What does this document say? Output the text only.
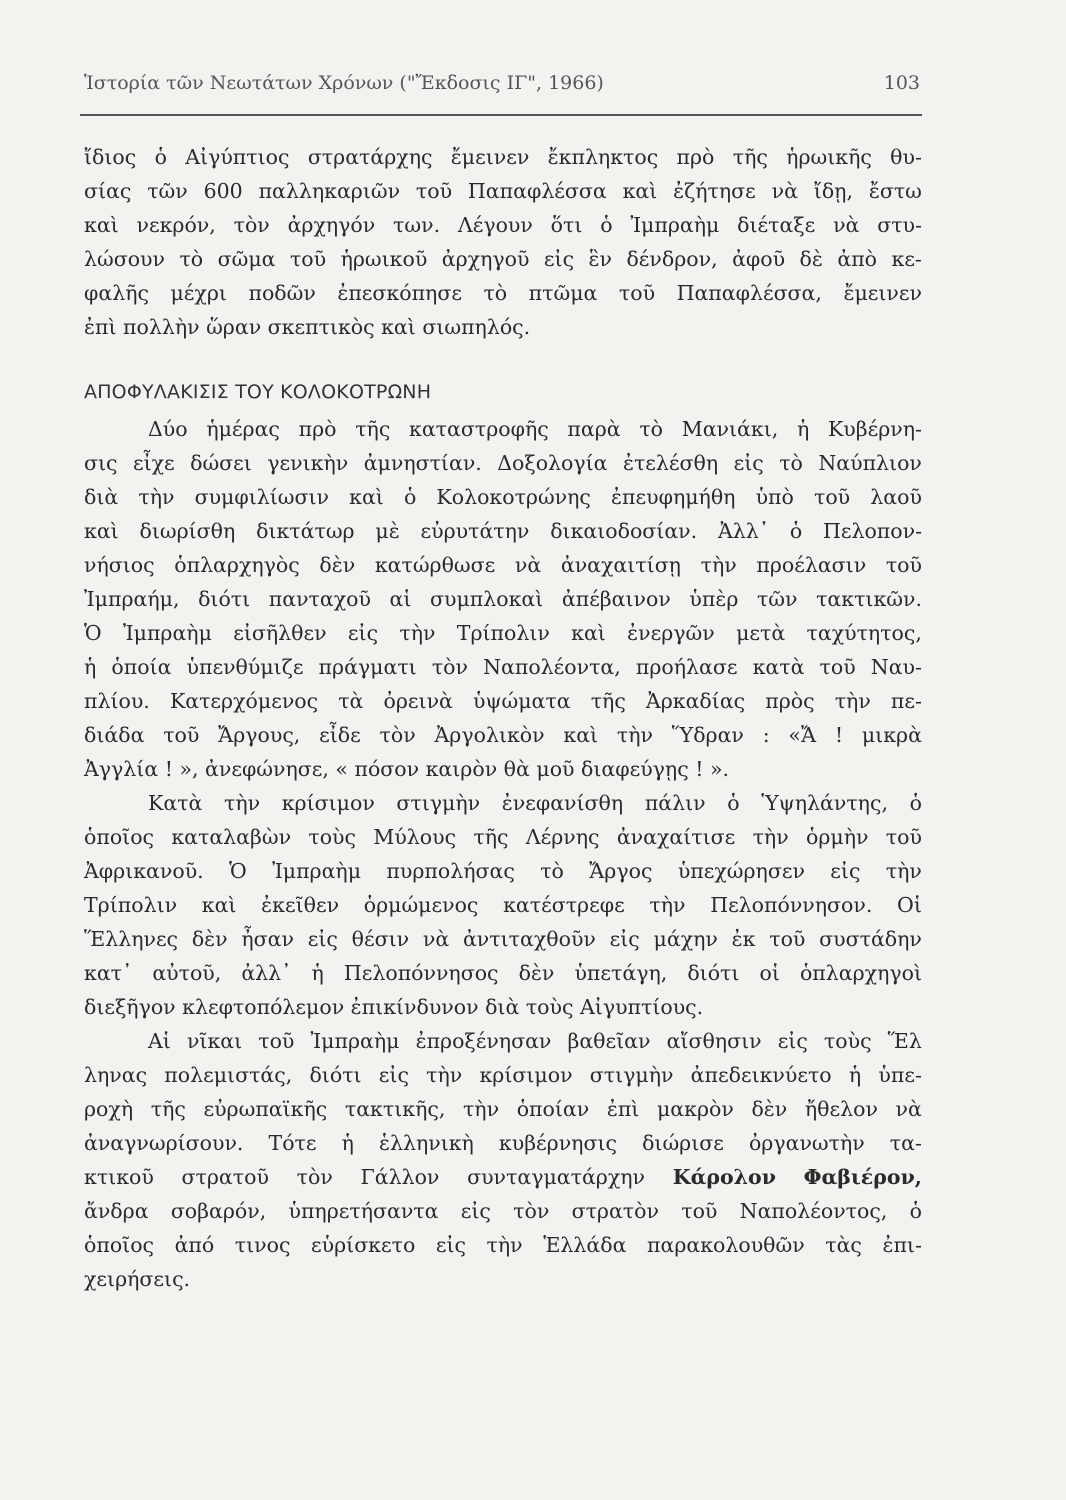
Ἱστορία τῶν Νεωτάτων Χρόνων ("Ἔκδοσις ΙΓ", 1966)	103
ἴδιος ὁ Αἰγύπτιος στρατάρχης ἔμεινεν ἔκπληκτος πρὸ τῆς ἡρωικῆς θυ-
σίας τῶν 600 παλληκαριῶν τοῦ Παπαφλέσσα καὶ ἐζήτησε νὰ ἴδῃ, ἔστω
καὶ νεκρόν, τὸν ἀρχηγόν των. Λέγουν ὅτι ὁ Ἰμπραὴμ διέταξε νὰ στυ-
λώσουν τὸ σῶμα τοῦ ἡρωικοῦ ἀρχηγοῦ εἰς ἓν δένδρον, ἀφοῦ δὲ ἀπὸ κε-
φαλῆς μέχρι ποδῶν ἐπεσκόπησε τὸ πτῶμα τοῦ Παπαφλέσσα, ἔμεινεν
ἐπὶ πολλὴν ὥραν σκεπτικὸς καὶ σιωπηλός.
ΑΠΟΦΥΛΑΚΙΣΙΣ ΤΟΥ ΚΟΛΟΚΟΤΡΩΝΗ
Δύο ἡμέρας πρὸ τῆς καταστροφῆς παρὰ τὸ Μανιάκι, ἡ Κυβέρνη-
σις εἶχε δώσει γενικὴν ἀμνηστίαν. Δοξολογία ἐτελέσθη εἰς τὸ Ναύπλιον
διὰ τὴν συμφιλίωσιν καὶ ὁ Κολοκοτρώνης ἐπευφημήθη ὑπὸ τοῦ λαοῦ
καὶ διωρίσθη δικτάτωρ μὲ εὐρυτάτην δικαιοδοσίαν. Ἀλλ᾽ ὁ Πελοπον-
νήσιος ὁπλαρχηγὸς δὲν κατώρθωσε νὰ ἀναχαιτίσῃ τὴν προέλασιν τοῦ
Ἰμπραήμ, διότι πανταχοῦ αἱ συμπλοκαὶ ἀπέβαινον ὑπὲρ τῶν τακτικῶν.
Ὁ Ἰμπραὴμ εἰσῆλθεν εἰς τὴν Τρίπολιν καὶ ἐνεργῶν μετὰ ταχύτητος,
ἡ ὁποία ὑπενθύμιζε πράγματι τὸν Ναπολέοντα, προήλασε κατὰ τοῦ Ναυ-
πλίου. Κατερχόμενος τὰ ὀρεινὰ ὑψώματα τῆς Ἀρκαδίας πρὸς τὴν πε-
διάδα τοῦ Ἄργους, εἶδε τὸν Ἀργολικὸν καὶ τὴν Ὕδραν : «Ἄ ! μικρὰ
Ἀγγλία ! », ἀνεφώνησε, « πόσον καιρὸν θὰ μοῦ διαφεύγῃς ! ».
Κατὰ τὴν κρίσιμον στιγμὴν ἐνεφανίσθη πάλιν ὁ Ὑψηλάντης, ὁ
ὁποῖος καταλαβὼν τοὺς Μύλους τῆς Λέρνης ἀναχαίτισε τὴν ὁρμὴν τοῦ
Ἀφρικανοῦ. Ὁ Ἰμπραὴμ πυρπολήσας τὸ Ἄργος ὑπεχώρησεν εἰς τὴν
Τρίπολιν καὶ ἐκεῖθεν ὁρμώμενος κατέστρεφε τὴν Πελοπόννησον. Οἱ
Ἕλληνες δὲν ἦσαν εἰς θέσιν νὰ ἀντιταχθοῦν εἰς μάχην ἐκ τοῦ συστάδην
κατ᾽ αὐτοῦ, ἀλλ᾽ ἡ Πελοπόννησος δὲν ὑπετάγη, διότι οἱ ὁπλαρχηγοὶ
διεξῆγον κλεφτοπόλεμον ἐπικίνδυνον διὰ τοὺς Αἰγυπτίους.
Αἱ νῖκαι τοῦ Ἰμπραὴμ ἐπροξένησαν βαθεῖαν αἴσθησιν εἰς τοὺς Ἕλ
ληνας πολεμιστάς, διότι εἰς τὴν κρίσιμον στιγμὴν ἀπεδεικνύετο ἡ ὑπε-
ροχὴ τῆς εὐρωπαϊκῆς τακτικῆς, τὴν ὁποίαν ἐπὶ μακρὸν δὲν ἤθελον νὰ
ἀναγνωρίσουν. Τότε ἡ ἑλληνικὴ κυβέρνησις διώρισε ὀργανωτὴν τα-
κτικοῦ στρατοῦ τὸν Γάλλον συνταγματάρχην Κάρολον Φαβιέρον,
ἄνδρα σοβαρόν, ὑπηρετήσαντα εἰς τὸν στρατὸν τοῦ Ναπολέοντος, ὁ
ὁποῖος ἀπό τινος εὑρίσκετο εἰς τὴν Ἑλλάδα παρακολουθῶν τὰς ἐπι-
χειρήσεις.
